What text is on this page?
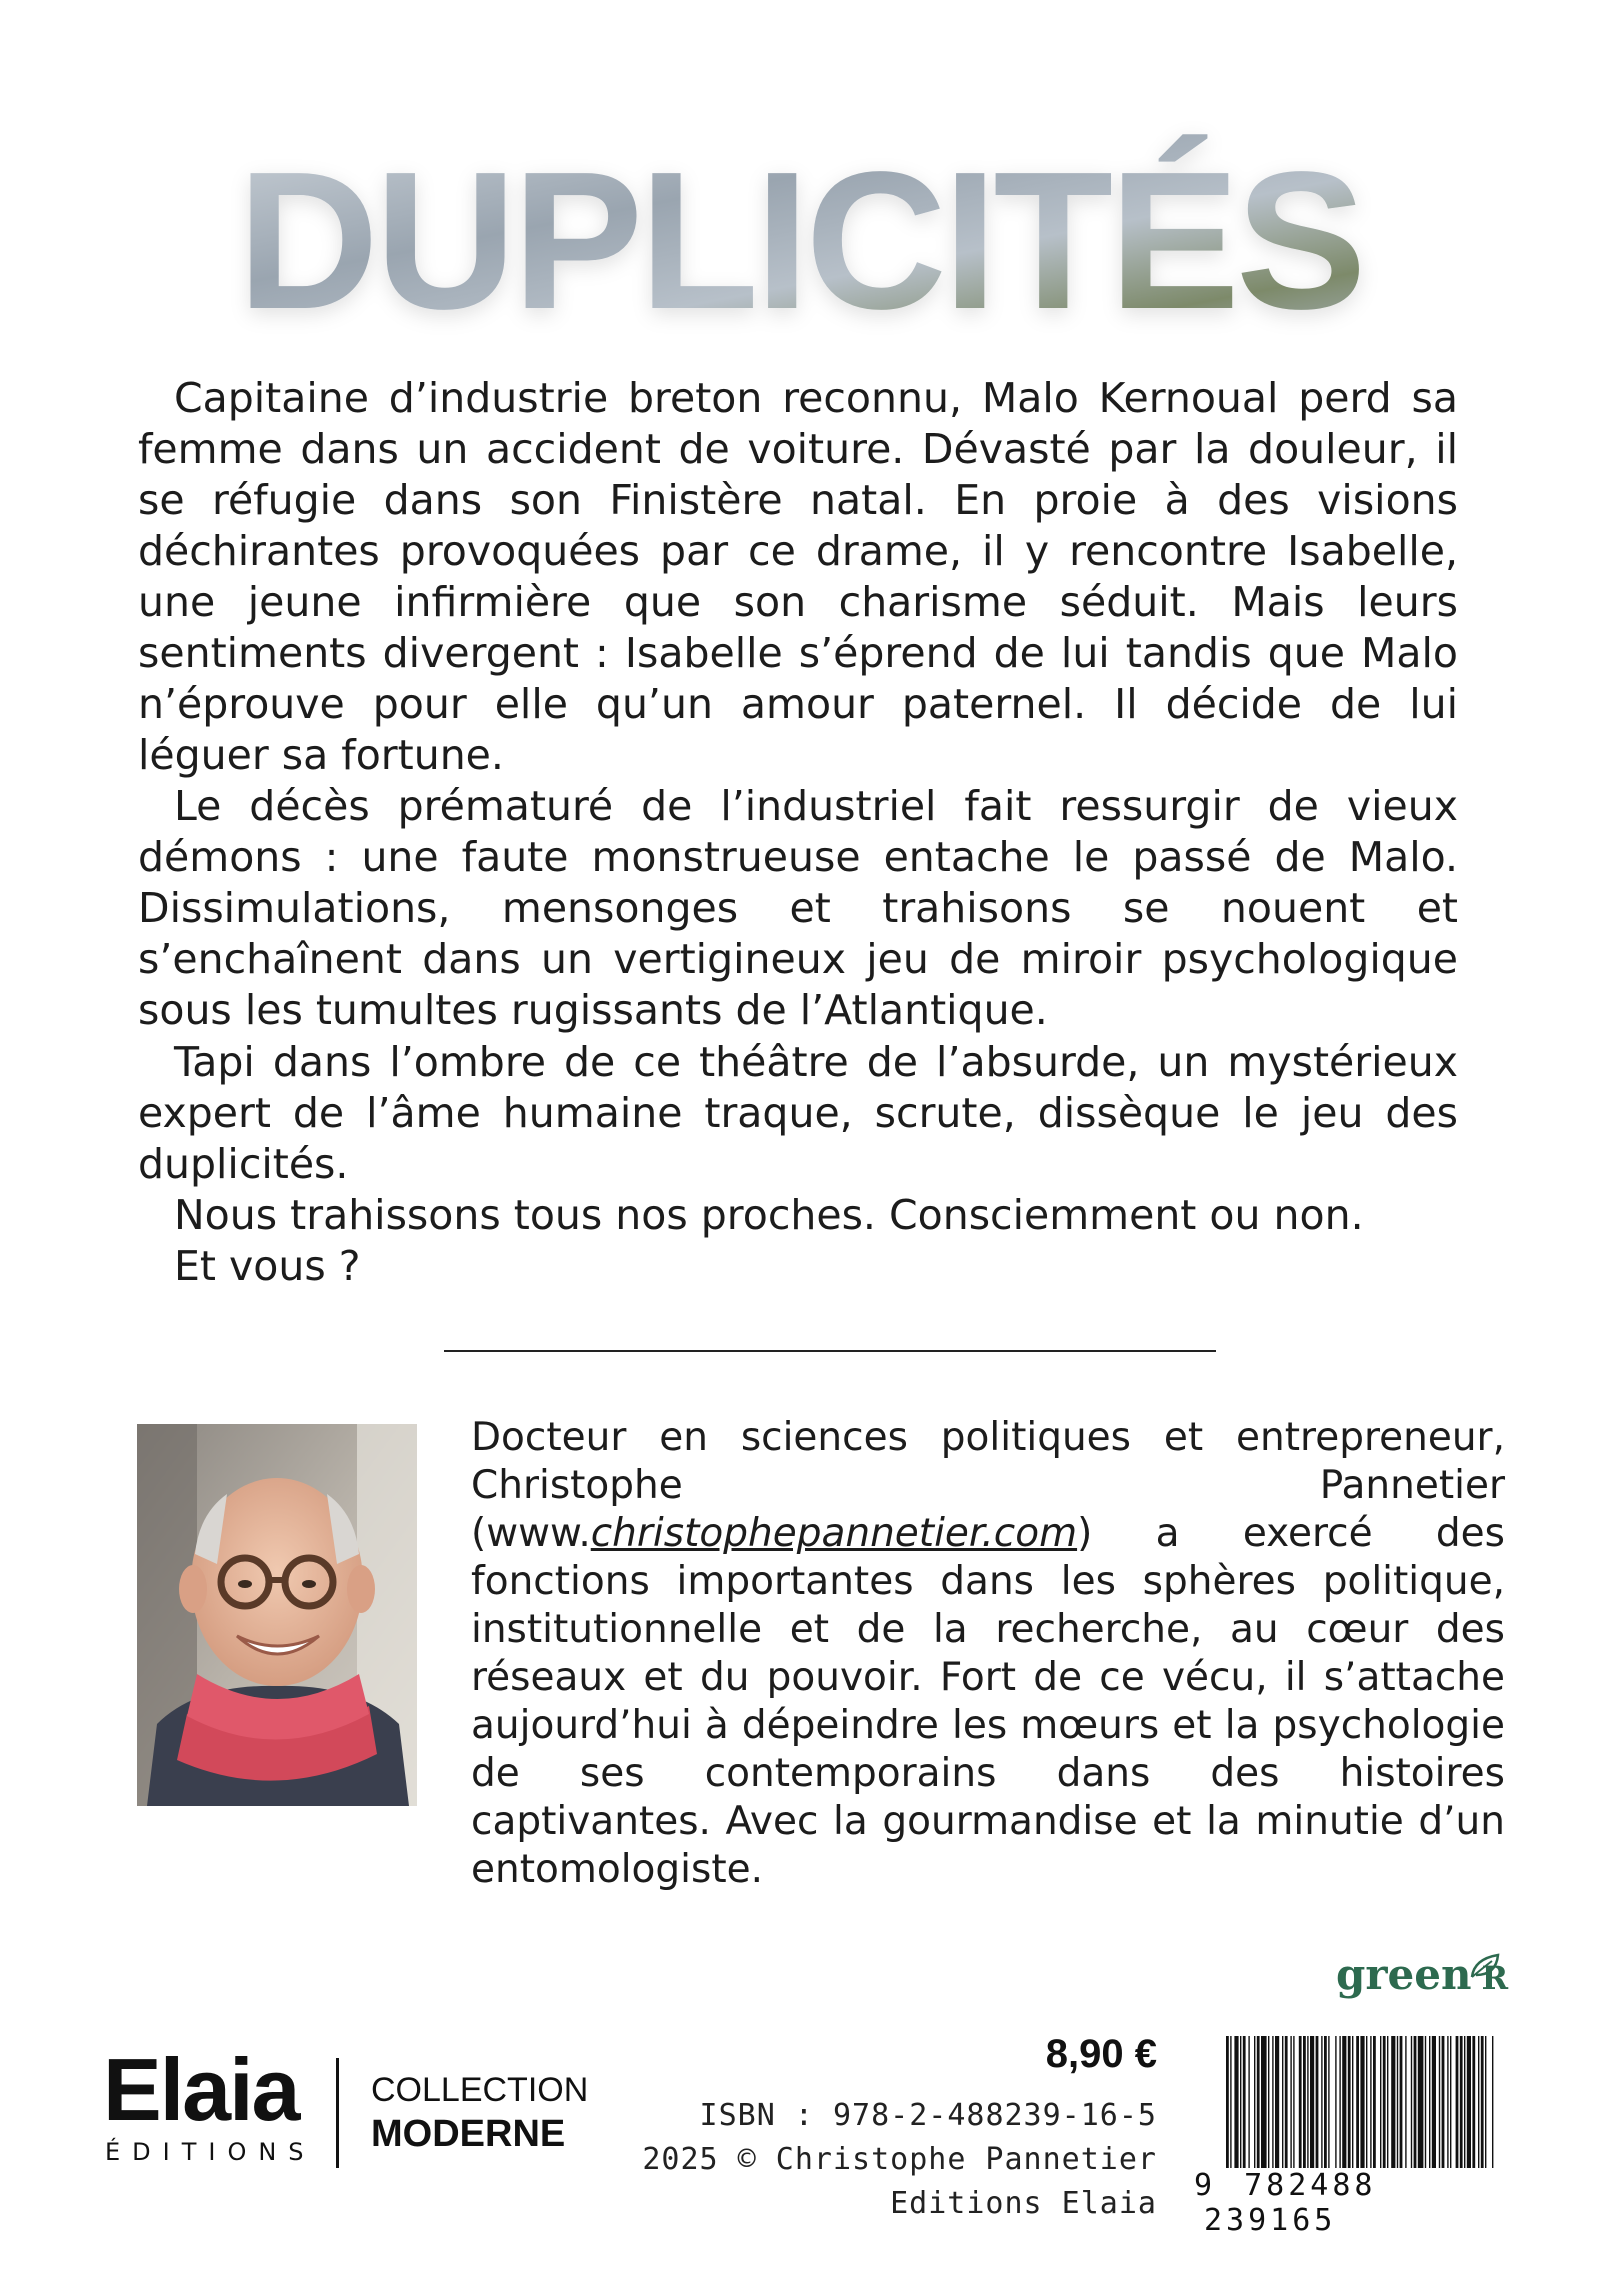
DUPLICITÉS

Capitaine d’industrie breton reconnu, Malo Kernoual perd sa femme dans un accident de voiture. Dévasté par la douleur, il se réfugie dans son Finistère natal. En proie à des visions déchirantes provoquées par ce drame, il y rencontre Isabelle, une jeune infirmière que son charisme séduit. Mais leurs sentiments divergent : Isabelle s’éprend de lui tandis que Malo n’éprouve pour elle qu’un amour paternel. Il décide de lui léguer sa fortune.

Le décès prématuré de l’industriel fait ressurgir de vieux démons : une faute monstrueuse entache le passé de Malo. Dissimulations, mensonges et trahisons se nouent et s’enchaînent dans un vertigineux jeu de miroir psychologique sous les tumultes rugissants de l’Atlantique.

Tapi dans l’ombre de ce théâtre de l’absurde, un mystérieux expert de l’âme humaine traque, scrute, dissèque le jeu des duplicités.

Nous trahissons tous nos proches. Consciemment ou non.
Et vous ?

Docteur en sciences politiques et entrepreneur, Christophe Pannetier (www.christophepannetier.com) a exercé des fonctions importantes dans les sphères politique, institutionnelle et de la recherche, au cœur des réseaux et du pouvoir. Fort de ce vécu, il s’attache aujourd’hui à dépeindre les mœurs et la psychologie de ses contemporains dans des histoires captivantes. Avec la gourmandise et la minutie d’un entomologiste.

Elaia
ÉDITIONS
COLLECTION
MODERNE
8,90 €
ISBN : 978-2-488239-16-5
2025 © Christophe Pannetier
Editions Elaia
green R
9 782488 239165
